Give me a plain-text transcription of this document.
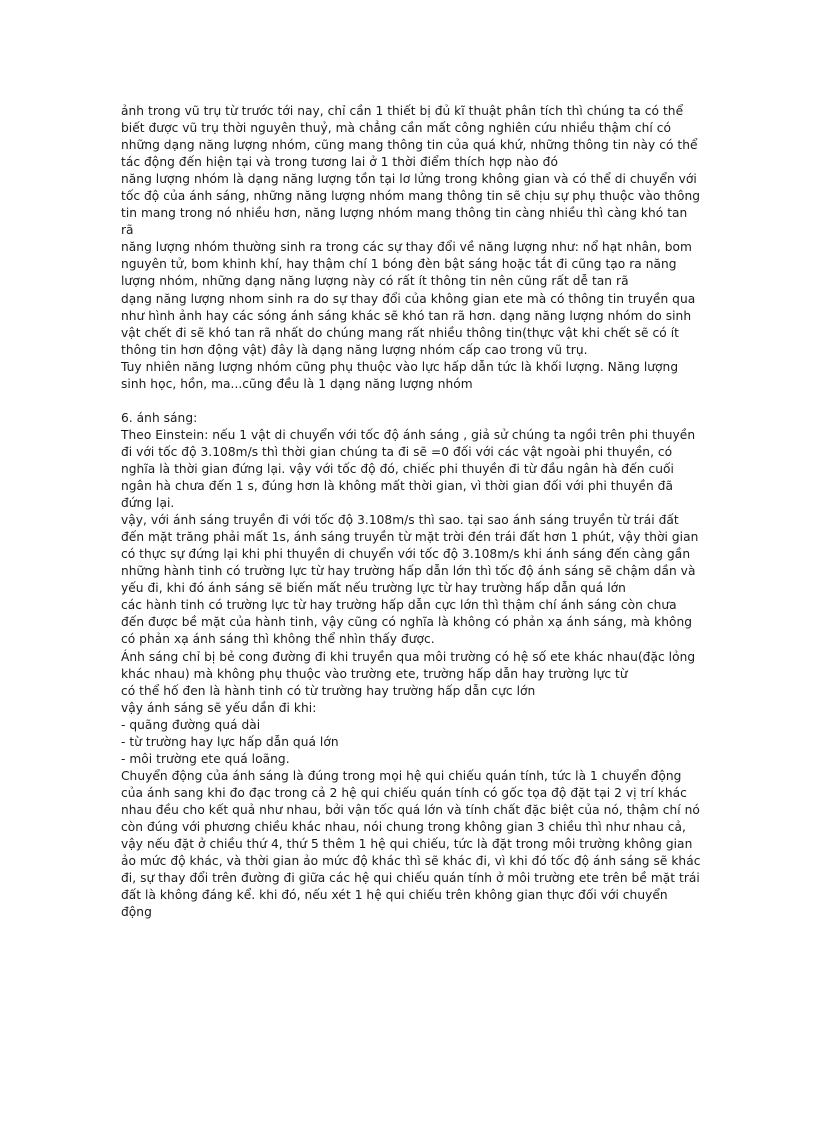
ảnh trong vũ trụ từ trước tới nay, chỉ cần 1 thiết bị đủ kĩ thuật phân tích thì chúng ta có thể biết được vũ trụ thời nguyên thuỷ, mà chẳng cần mất công nghiên cứu nhiều thậm chí có những dạng năng lượng nhóm, cũng mang thông tin của quá khứ, những thông tin này có thể tác động đến hiện tại và trong tương lai ở 1 thời điểm thích hợp nào đó

năng lượng nhóm là dạng năng lượng tồn tại lơ lửng trong không gian và có thể di chuyển với tốc độ của ánh sáng, những năng lượng nhóm mang thông tin sẽ chịu sự phụ thuộc vào thông tin mang trong nó nhiều hơn, năng lượng nhóm mang thông tin càng nhiều thì càng khó tan rã

năng lượng nhóm thường sinh ra trong các sự thay đổi về năng lượng như: nổ hạt nhân, bom nguyên tử, bom khinh khí, hay thậm chí 1 bóng đèn bật sáng hoặc tắt đi cũng tạo ra năng lượng nhóm, những dạng năng lượng này có rất ít thông tin nên cũng rất dễ tan rã

dạng năng lượng nhom sinh ra do sự thay đổi của không gian ete mà có thông tin truyền qua như hình ảnh hay các sóng ánh sáng khác sẽ khó tan rã hơn. dạng năng lượng nhóm do sinh vật chết đi sẽ khó tan rã nhất do chúng mang rất nhiều thông tin(thực vật khi chết sẽ có ít thông tin hơn động vật) đây là dạng năng lượng nhóm cấp cao trong vũ trụ.

Tuy nhiên năng lượng nhóm cũng phụ thuộc vào lực hấp dẫn tức là khối lượng. Năng lượng sinh học, hồn, ma...cũng đều là 1 dạng năng lượng nhóm

6. ánh sáng:

Theo Einstein: nếu 1 vật di chuyển với tốc độ ánh sáng , giả sử chúng ta ngồi trên phi thuyền đi với tốc độ 3.108m/s thì thời gian chúng ta đi sẽ =0 đối với các vật ngoài phi thuyền, có nghĩa là thời gian đứng lại. vậy với tốc độ đó, chiếc phi thuyền đi từ đầu ngân hà đến cuối ngân hà chưa đến 1 s, đúng hơn là không mất thời gian, vì thời gian đối với phi thuyền đã đứng lại.

vậy, với ánh sáng truyền đi với tốc độ 3.108m/s thì sao. tại sao ánh sáng truyền từ trái đất đến mặt trăng phải mất 1s, ánh sáng truyền từ mặt trời đén trái đất hơn 1 phút, vậy thời gian có thực sự đứng lại khi phi thuyền di chuyển với tốc độ 3.108m/s khi ánh sáng đến càng gần những hành tinh có trường lực từ hay trường hấp dẫn lớn thì tốc độ ánh sáng sẽ chậm dần và yếu đi, khi đó ánh sáng sẽ biến mất nếu trường lực từ hay trường hấp dẫn quá lớn

các hành tinh có trường lực từ hay trường hấp dẫn cực lớn thì thậm chí ánh sáng còn chưa đến được bề mặt của hành tinh, vậy cũng có nghĩa là không có phản xạ ánh sáng, mà không có phản xạ ánh sáng thì không thể nhìn thấy được.

Ánh sáng chỉ bị bẻ cong đường đi khi truyền qua môi trường có hệ số ete khác nhau(đặc lỏng khác nhau) mà không phụ thuộc vào trường ete, trường hấp dẫn hay trường lực từ

có thể hố đen là hành tinh có từ trường hay trường hấp dẫn cực lớn

vậy ánh sáng sẽ yếu dần đi khi:

- quãng đường quá dài

- từ trường hay lực hấp dẫn quá lớn

- môi trường ete quá loãng.

Chuyển động của ánh sáng là đúng trong mọi hệ qui chiếu quán tính, tức là 1 chuyển động của ánh sang khi đo đạc trong cả 2 hệ qui chiếu quán tính có gốc tọa độ đặt tại 2 vị trí khác nhau đều cho kết quả như nhau, bởi vận tốc quá lớn và tính chất đặc biệt của nó, thậm chí nó còn đúng với phương chiều khác nhau, nói chung trong không gian 3 chiều thì như nhau cả, vậy nếu đặt ở chiều thứ 4, thứ 5 thêm 1 hệ qui chiếu, tức là đặt trong môi trường không gian ảo mức độ khác, và thời gian ảo mức độ khác thì sẽ khác đi, vì khi đó tốc độ ánh sáng sẽ khác đi, sự thay đổi trên đường đi giữa các hệ qui chiếu quán tính ở môi trường ete trên bề mặt trái đất là không đáng kể. khi đó, nếu xét 1 hệ qui chiếu trên không gian thực đối với chuyển động
